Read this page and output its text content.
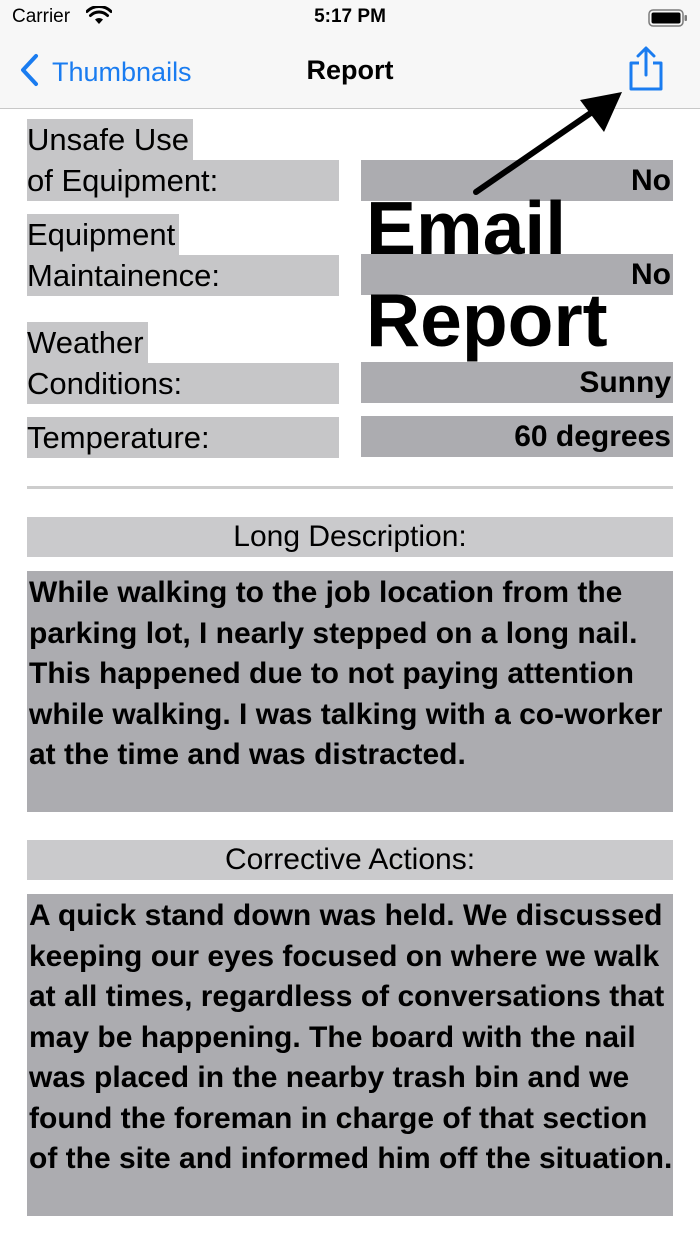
Carrier	5:17 PM
Thumbnails	Report
Unsafe Use
of Equipment:	No
Equipment
Maintainence:	No
Weather
Conditions:	Sunny
Temperature:	60 degrees
Email
Report
Long Description:
While walking to the job location from the parking lot, I nearly stepped on a long nail. This happened due to not paying attention while walking. I was talking with a co-worker at the time and was distracted.
Corrective Actions:
A quick stand down was held. We discussed keeping our eyes focused on where we walk at all times, regardless of conversations that may be happening. The board with the nail was placed in the nearby trash bin and we found the foreman in charge of that section of the site and informed him off the situation.
